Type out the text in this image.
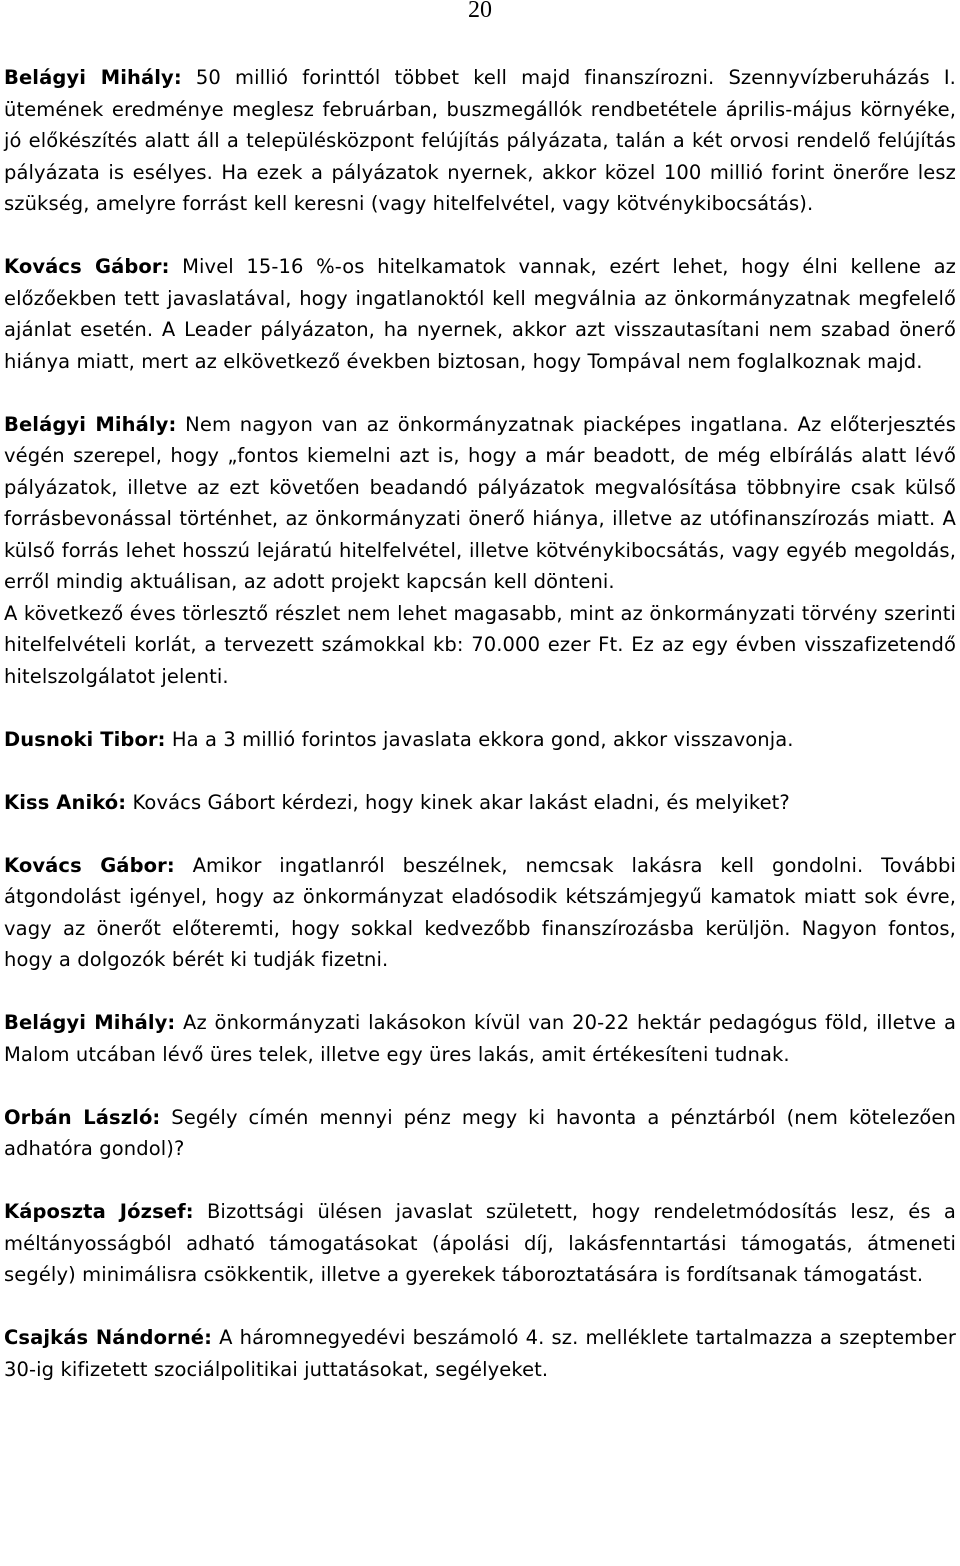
20

Belágyi Mihály: 50 millió forinttól többet kell majd finanszírozni. Szennyvízberuházás I. ütemének eredménye meglesz februárban, buszmegállók rendbetétele április-május környéke, jó előkészítés alatt áll a településközpont felújítás pályázata, talán a két orvosi rendelő felújítás pályázata is esélyes. Ha ezek a pályázatok nyernek, akkor közel 100 millió forint önerőre lesz szükség, amelyre forrást kell keresni (vagy hitelfelvétel, vagy kötvénykibocsátás).

Kovács Gábor: Mivel 15-16 %-os hitelkamatok vannak, ezért lehet, hogy élni kellene az előzőekben tett javaslatával, hogy ingatlanoktól kell megválnia az önkormányzatnak megfelelő ajánlat esetén. A Leader pályázaton, ha nyernek, akkor azt visszautasítani nem szabad önerő hiánya miatt, mert az elkövetkező években biztosan, hogy Tompával nem foglalkoznak majd.

Belágyi Mihály: Nem nagyon van az önkormányzatnak piacképes ingatlana. Az előterjesztés végén szerepel, hogy „fontos kiemelni azt is, hogy a már beadott, de még elbírálás alatt lévő pályázatok, illetve az ezt követően beadandó pályázatok megvalósítása többnyire csak külső forrásbevonással történhet, az önkormányzati önerő hiánya, illetve az utófinanszírozás miatt. A külső forrás lehet hosszú lejáratú hitelfelvétel, illetve kötvénykibocsátás, vagy egyéb megoldás, erről mindig aktuálisan, az adott projekt kapcsán kell dönteni.

A következő éves törlesztő részlet nem lehet magasabb, mint az önkormányzati törvény szerinti hitelfelvételi korlát, a tervezett számokkal kb: 70.000 ezer Ft. Ez az egy évben visszafizetendő hitelszolgálatot jelenti.

Dusnoki Tibor: Ha a 3 millió forintos javaslata ekkora gond, akkor visszavonja.

Kiss Anikó: Kovács Gábort kérdezi, hogy kinek akar lakást eladni, és melyiket?

Kovács Gábor: Amikor ingatlanról beszélnek, nemcsak lakásra kell gondolni. További átgondolást igényel, hogy az önkormányzat eladósodik kétszámjegyű kamatok miatt sok évre, vagy az önerőt előteremti, hogy sokkal kedvezőbb finanszírozásba kerüljön. Nagyon fontos, hogy a dolgozók bérét ki tudják fizetni.

Belágyi Mihály: Az önkormányzati lakásokon kívül van 20-22 hektár pedagógus föld, illetve a Malom utcában lévő üres telek, illetve egy üres lakás, amit értékesíteni tudnak.

Orbán László: Segély címén mennyi pénz megy ki havonta a pénztárból (nem kötelezően adhatóra gondol)?

Káposzta József: Bizottsági ülésen javaslat született, hogy rendeletmódosítás lesz, és a méltányosságból adható támogatásokat (ápolási díj, lakásfenntartási támogatás, átmeneti segély) minimálisra csökkentik, illetve a gyerekek táboroztatására is fordítsanak támogatást.

Csajkás Nándorné: A háromnegyedévi beszámoló 4. sz. melléklete tartalmazza a szeptember 30-ig kifizetett szociálpolitikai juttatásokat, segélyeket.
